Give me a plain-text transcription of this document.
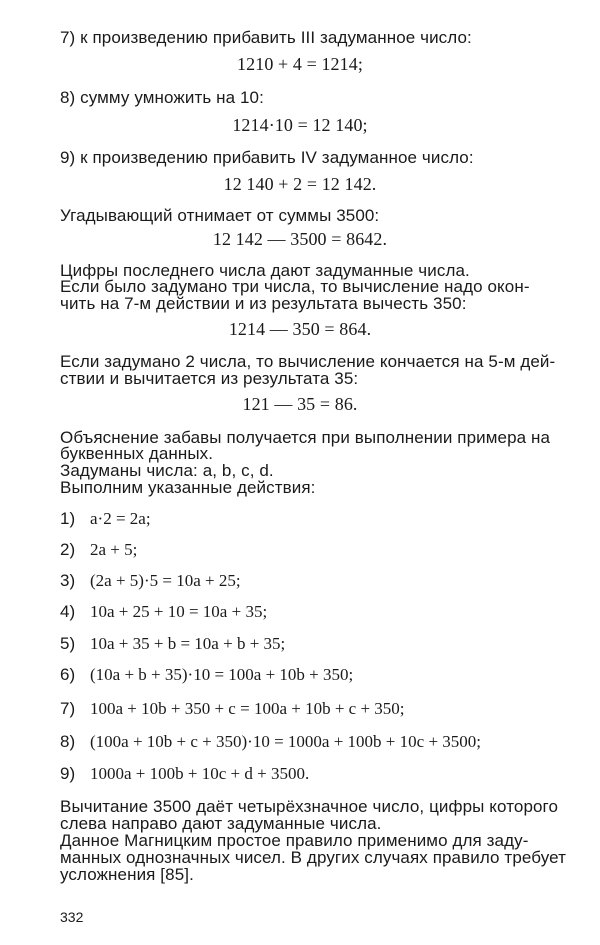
7) к произведению прибавить III задуманное число:
1210 + 4 = 1214;
8) сумму умножить на 10:
1214·10 = 12 140;
9) к произведению прибавить IV задуманное число:
12 140 + 2 = 12 142.
Угадывающий отнимает от суммы 3500:
12 142 — 3500 = 8642.
Цифры последнего числа дают задуманные числа.
Если было задумано три числа, то вычисление надо окон-
чить на 7-м действии и из результата вычесть 350:
1214 — 350 = 864.
Если задумано 2 числа, то вычисление кончается на 5-м дей-
ствии и вычитается из результата 35:
121 — 35 = 86.
Объяснение забавы получается при выполнении примера на
буквенных данных.
Задуманы числа: a, b, c, d.
Выполним указанные действия:
1) a·2 = 2a;
2) 2a + 5;
3) (2a + 5)·5 = 10a + 25;
4) 10a + 25 + 10 = 10a + 35;
5) 10a + 35 + b = 10a + b + 35;
6) (10a + b + 35)·10 = 100a + 10b + 350;
7) 100a + 10b + 350 + c = 100a + 10b + c + 350;
8) (100a + 10b + c + 350)·10 = 1000a + 100b + 10c + 3500;
9) 1000a + 100b + 10c + d + 3500.
Вычитание 3500 даёт четырёхзначное число, цифры которого
слева направо дают задуманные числа.
Данное Магницким простое правило применимо для заду-
манных однозначных чисел. В других случаях правило требует
усложнения [85].
332
